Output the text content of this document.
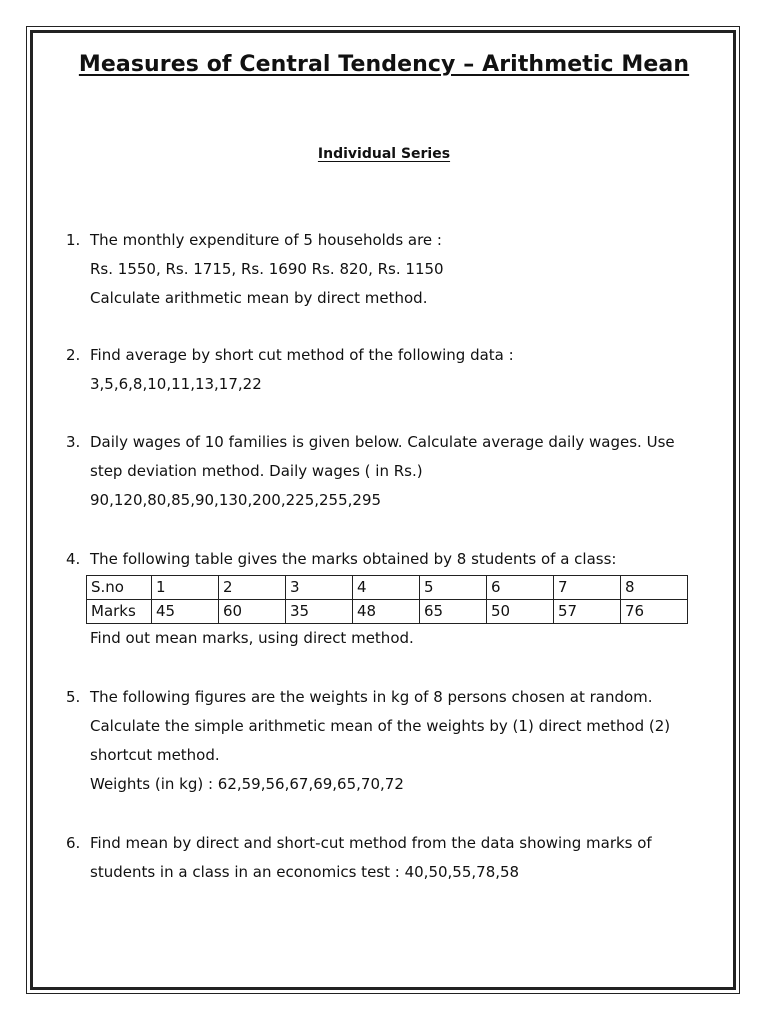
Measures of Central Tendency – Arithmetic Mean
Individual Series
1. The monthly expenditure of 5 households are :
Rs. 1550, Rs. 1715, Rs. 1690 Rs. 820, Rs. 1150
Calculate arithmetic mean by direct method.
2. Find average by short cut method of the following data :
3,5,6,8,10,11,13,17,22
3. Daily wages of 10 families is given below. Calculate average daily wages. Use
step deviation method. Daily wages ( in Rs.)
90,120,80,85,90,130,200,225,255,295
4. The following table gives the marks obtained by 8 students of a class:
S.no	1	2	3	4	5	6	7	8
Marks	45	60	35	48	65	50	57	76
Find out mean marks, using direct method.
5. The following figures are the weights in kg of 8 persons chosen at random.
Calculate the simple arithmetic mean of the weights by (1) direct method (2)
shortcut method.
Weights (in kg) : 62,59,56,67,69,65,70,72
6. Find mean by direct and short-cut method from the data showing marks of
students in a class in an economics test : 40,50,55,78,58
